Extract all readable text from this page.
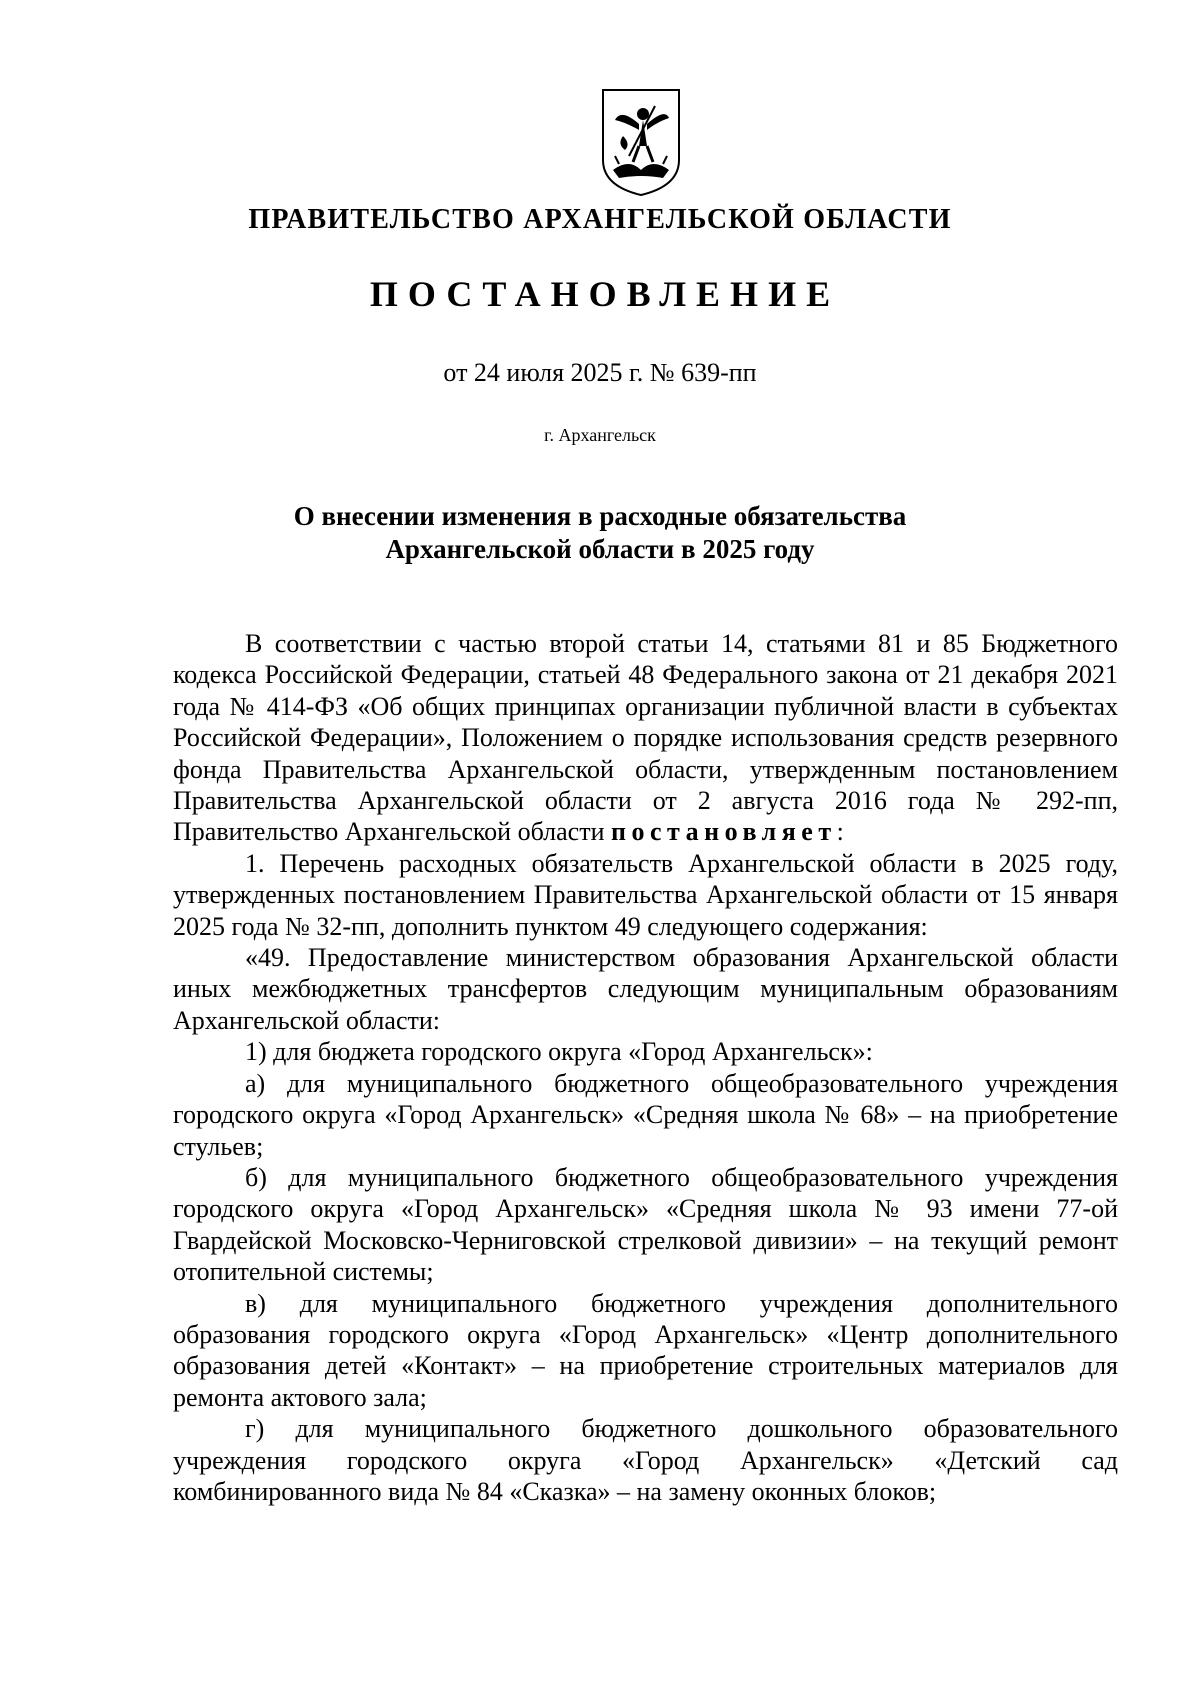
ПРАВИТЕЛЬСТВО АРХАНГЕЛЬСКОЙ ОБЛАСТИ
ПОСТАНОВЛЕНИЕ
от 24 июля 2025 г. № 639-пп
г. Архангельск
О внесении изменения в расходные обязательства
Архангельской области в 2025 году

В соответствии с частью второй статьи 14, статьями 81 и 85 Бюджетного кодекса Российской Федерации, статьей 48 Федерального закона от 21 декабря 2021 года № 414-ФЗ «Об общих принципах организации публичной власти в субъектах Российской Федерации», Положением о порядке использования средств резервного фонда Правительства Архангельской области, утвержденным постановлением Правительства Архангельской области от 2 августа 2016 года № 292-пп, Правительство Архангельской области постановляет:

1. Перечень расходных обязательств Архангельской области в 2025 году, утвержденных постановлением Правительства Архангельской области от 15 января 2025 года № 32-пп, дополнить пунктом 49 следующего содержания:

«49. Предоставление министерством образования Архангельской области иных межбюджетных трансфертов следующим муниципальным образованиям Архангельской области:

1) для бюджета городского округа «Город Архангельск»:

а) для муниципального бюджетного общеобразовательного учреждения городского округа «Город Архангельск» «Средняя школа № 68» – на приобретение стульев;

б) для муниципального бюджетного общеобразовательного учреждения городского округа «Город Архангельск» «Средняя школа № 93 имени 77-ой Гвардейской Московско-Черниговской стрелковой дивизии» – на текущий ремонт отопительной системы;

в) для муниципального бюджетного учреждения дополнительного образования городского округа «Город Архангельск» «Центр дополнительного образования детей «Контакт» – на приобретение строительных материалов для ремонта актового зала;

г) для муниципального бюджетного дошкольного образовательного учреждения городского округа «Город Архангельск» «Детский сад комбинированного вида № 84 «Сказка» – на замену оконных блоков;
